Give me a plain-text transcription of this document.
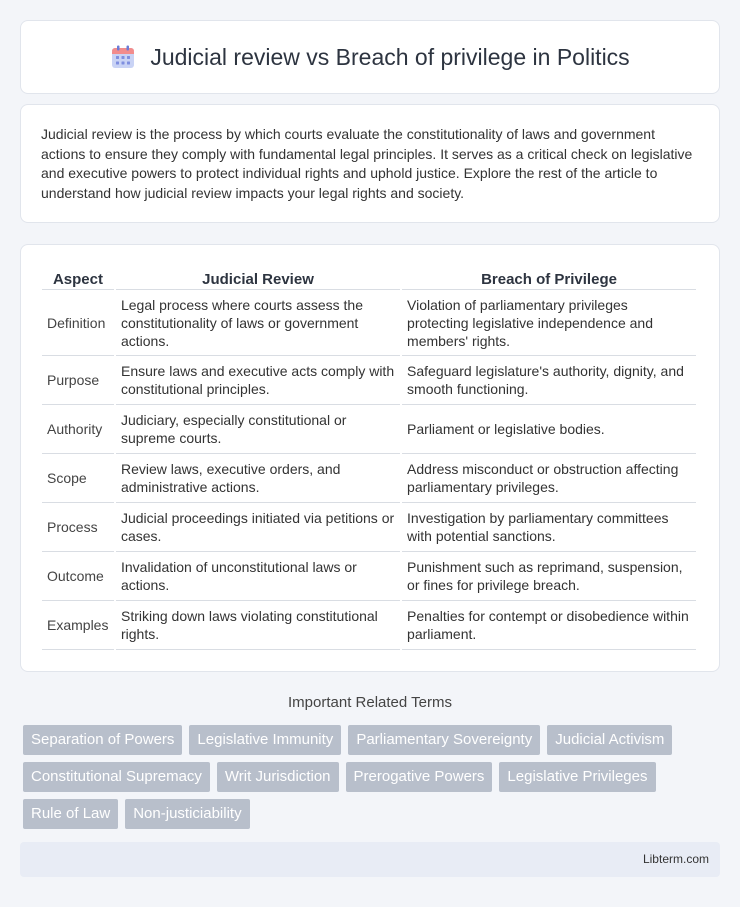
Judicial review vs Breach of privilege in Politics

Judicial review is the process by which courts evaluate the constitutionality of laws and government actions to ensure they comply with fundamental legal principles. It serves as a critical check on legislative and executive powers to protect individual rights and uphold justice. Explore the rest of the article to understand how judicial review impacts your legal rights and society.

Aspect	Judicial Review	Breach of Privilege
Definition	Legal process where courts assess the constitutionality of laws or government actions.	Violation of parliamentary privileges protecting legislative independence and members' rights.
Purpose	Ensure laws and executive acts comply with constitutional principles.	Safeguard legislature's authority, dignity, and smooth functioning.
Authority	Judiciary, especially constitutional or supreme courts.	Parliament or legislative bodies.
Scope	Review laws, executive orders, and administrative actions.	Address misconduct or obstruction affecting parliamentary privileges.
Process	Judicial proceedings initiated via petitions or cases.	Investigation by parliamentary committees with potential sanctions.
Outcome	Invalidation of unconstitutional laws or actions.	Punishment such as reprimand, suspension, or fines for privilege breach.
Examples	Striking down laws violating constitutional rights.	Penalties for contempt or disobedience within parliament.
Important Related Terms
Separation of Powers	Legislative Immunity	Parliamentary Sovereignty	Judicial Activism
Constitutional Supremacy	Writ Jurisdiction	Prerogative Powers	Legislative Privileges
Rule of Law	Non-justiciability
Libterm.com
